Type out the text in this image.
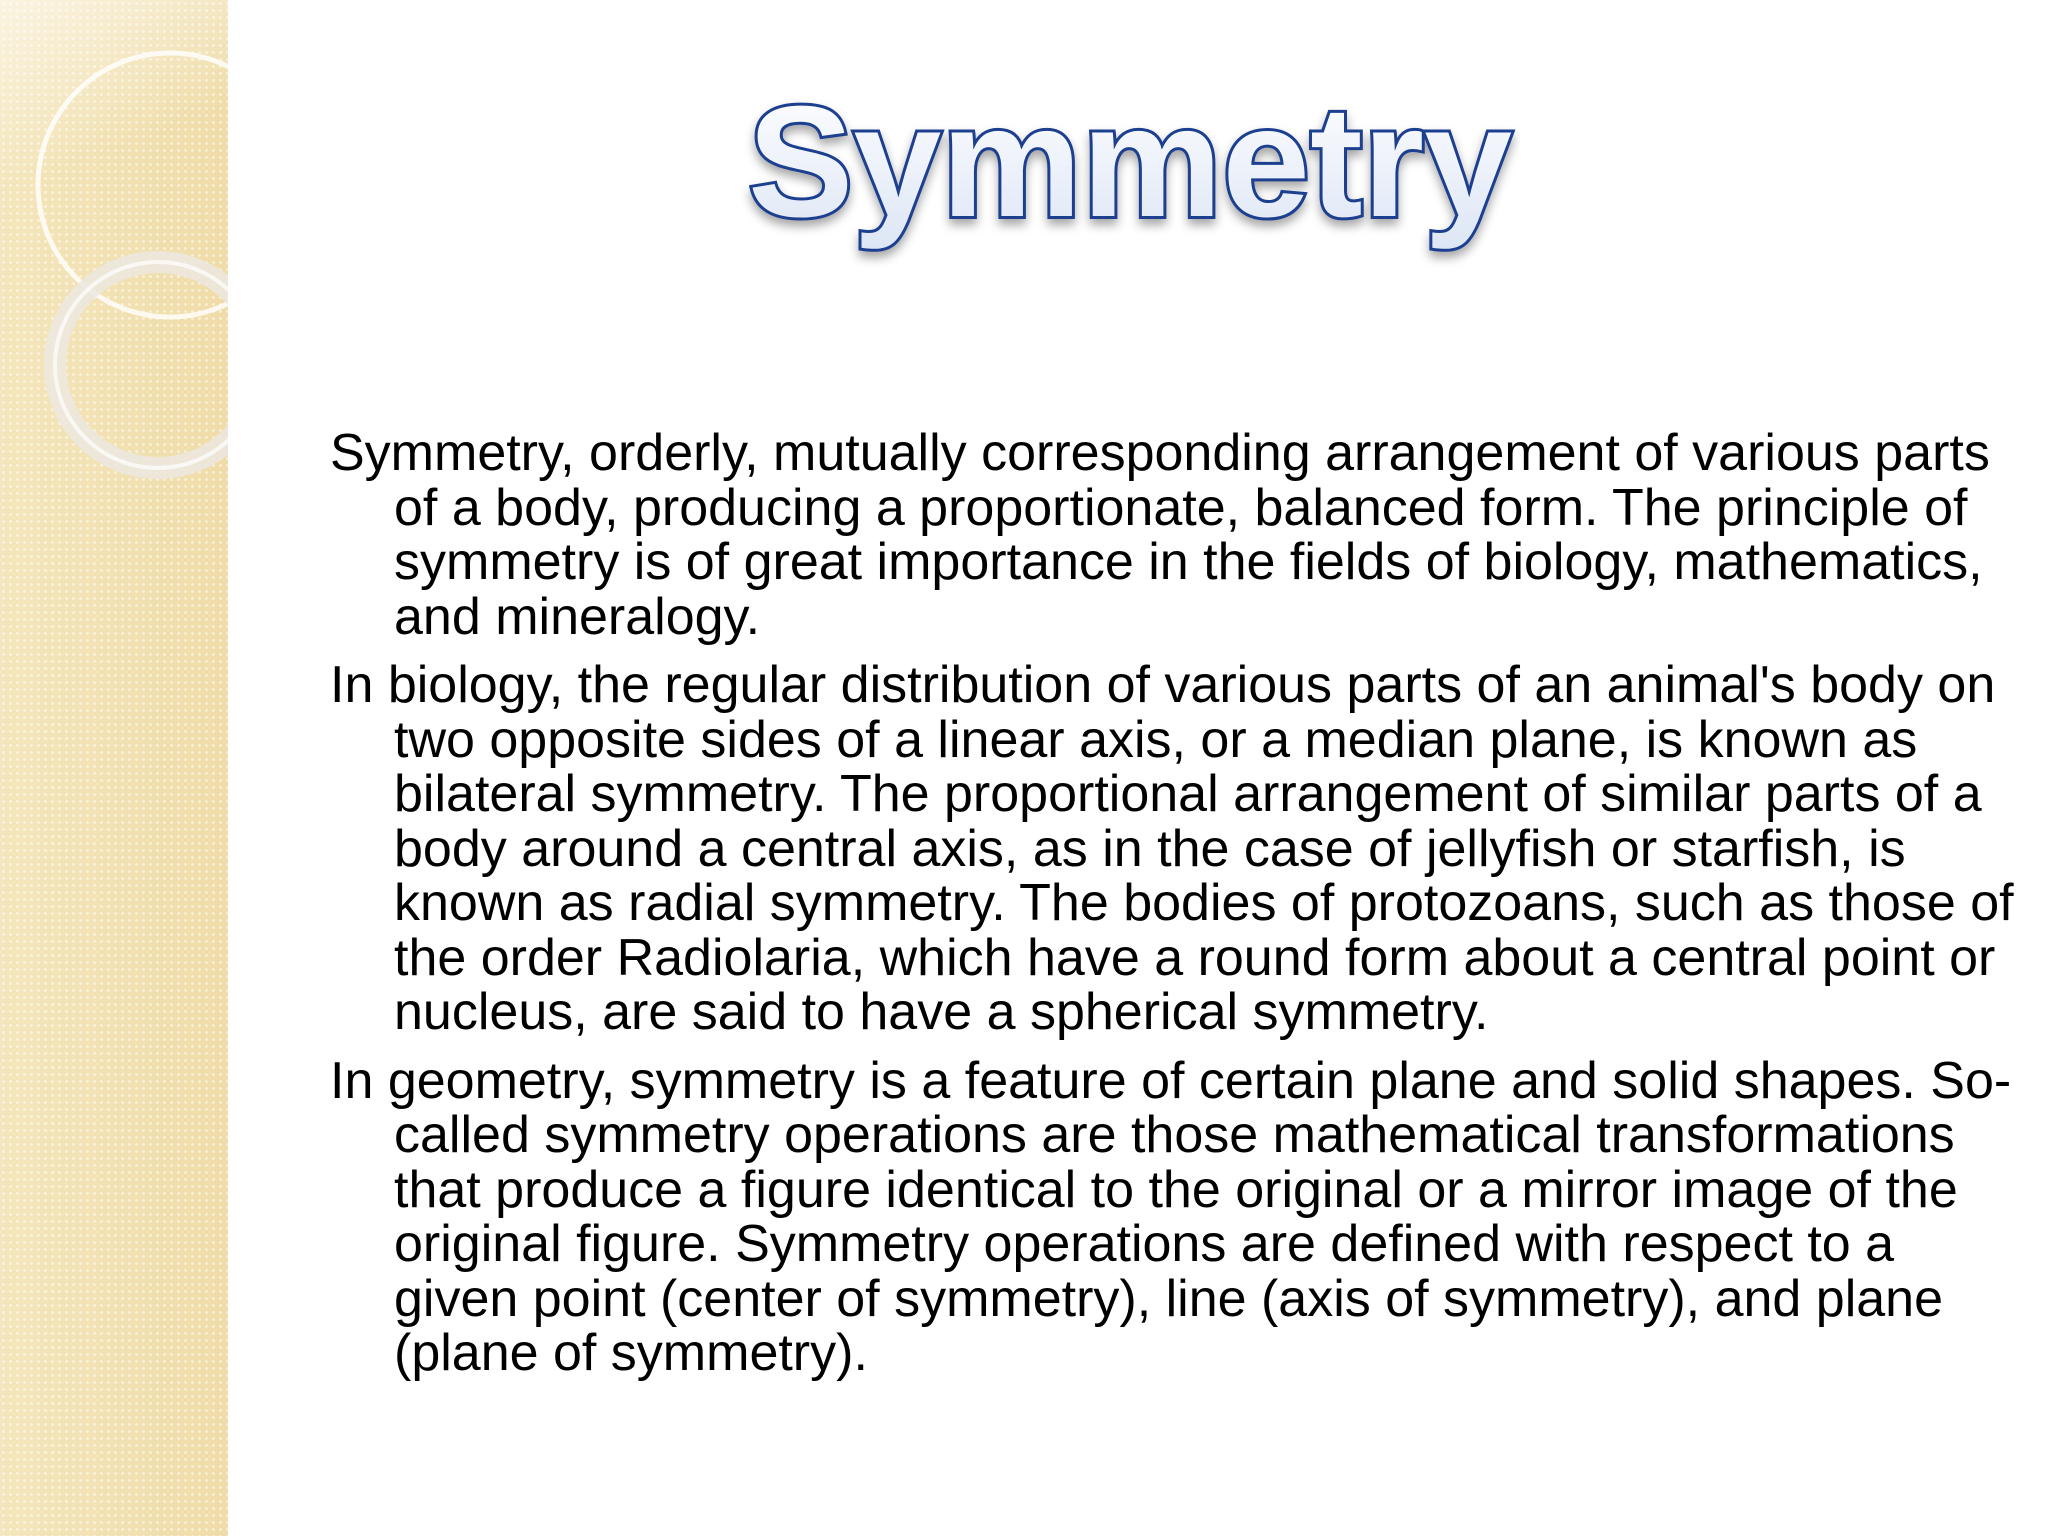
Symmetry

Symmetry, orderly, mutually corresponding arrangement of various parts of a body, producing a proportionate, balanced form. The principle of symmetry is of great importance in the fields of biology, mathematics, and mineralogy.

In biology, the regular distribution of various parts of an animal's body on two opposite sides of a linear axis, or a median plane, is known as bilateral symmetry. The proportional arrangement of similar parts of a body around a central axis, as in the case of jellyfish or starfish, is known as radial symmetry. The bodies of protozoans, such as those of the order Radiolaria, which have a round form about a central point or nucleus, are said to have a spherical symmetry.

In geometry, symmetry is a feature of certain plane and solid shapes. So-called symmetry operations are those mathematical transformations that produce a figure identical to the original or a mirror image of the original figure. Symmetry operations are defined with respect to a given point (center of symmetry), line (axis of symmetry), and plane (plane of symmetry).
